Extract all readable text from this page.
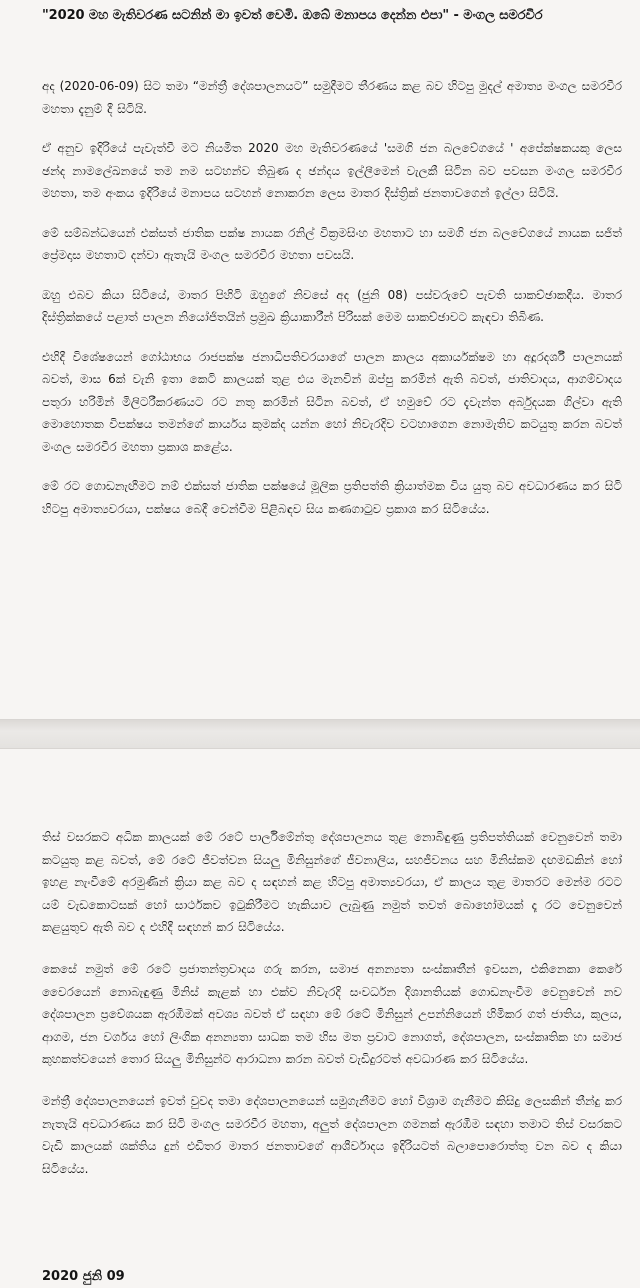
"2020 මහ මැතිවරණ සටනින් මා ඉවත් වෙමි. ඔබේ මනාපය දෙන්න එපා" - මංගල සමරවීර

අද (2020-06-09) සිට තමා “මන්ත්‍රී දේශපාලනයට” සමුදීමට තීරණය කළ බව හිටපු මුදල් අමාත්‍ය මංගල සමරවීර මහතා දැනුම් දී සිටියි.

ඒ අනුව ඉදිරියේ පැවැත්වී මට නියමිත 2020 මහ මැතිවරණයේ 'සමගි ජන බලවේගයේ ' අපේක්ෂකයකු ලෙස ඡන්ද නාමලේඛනයේ තම නම සටහන්ව තිබුණ ද ඡන්දය ඉල්ලීමෙන් වැලකී සිටින බව පවසන මංගල සමරවීර මහතා, තම අංකය ඉදිරියේ මනාපය සටහන් නොකරන ලෙස මාතර දිස්ත්‍රික් ජනතාවගෙන් ඉල්ලා සිටියි.

මේ සම්බන්ධයෙන් එක්සත් ජාතික පක්ෂ නායක රනිල් වික්‍රමසිංහ මහතාට හා සමගි ජන බලවේගයේ නායක සජිත් ප්‍රේමදාස මහතාට දන්වා ඇතැයි මංගල සමරවීර මහතා පවසයි.

ඔහු එබව කියා සිටියේ, මාතර පිහිටි ඔහුගේ නිවසේ අද (ජුනි 08) පස්වරුවේ පැවති සාකච්ඡාකදීය. මාතර දිස්ත්‍රික්කයේ පළාත් පාලන නියෝජිතයින් ප්‍රමුඛ ක්‍රියාකාරීන් පිරිසක් මෙම සාකච්ඡාවට කැඳවා තිබිණ.

එහිදී විශේෂයෙන් ගෝඨාභය රාජපක්ෂ ජනාධිපතිවරයාගේ පාලන කාලය අකාර්යක්ෂම හා අදූරදර්ශී පාලනයක් බවත්, මාස 6ක් වැනි ඉතා කෙටි කාලයක් තුළ එය මැනවින් ඔප්පු කරමින් ඇති බවත්, ජාතිවාදය, ආගම්වාදය පතුරා හරිමින් මිලිටරීකරණයට රට නතු කරමින් සිටින බවත්, ඒ හමුවේ රට දැවැන්ත අර්බුදයක ගිල්වා ඇති මොහොතක විපක්ෂය තමන්ගේ කාර්යය කුමක්ද යන්න හෝ නිවැරදිව වටහාගෙන නොමැතිව කටයුතු කරන බවත් මංගල සමරවීර මහතා ප්‍රකාශ කළේය.

මේ රට ගොඩනැඟීමට නම් එක්සත් ජාතික පක්ෂයේ මූලික ප්‍රතිපත්ති ක්‍රියාත්මක විය යුතු බව අවධාරණය කර සිටි හිටපු අමාත්‍යවරයා, පක්ෂය බෙදී වෙන්වීම පිළිබඳව සිය කණගාටුව ප්‍රකාශ කර සිටියේය.

තිස් වසරකට අධික කාලයක් මේ රටේ පාර්ලිමේන්තු දේශපාලනය තුළ නොබිඳුණු ප්‍රතිපත්තියක් වෙනුවෙන් තමා කටයුතු කළ බවත්, මේ රටේ ජීවත්වන සියලු මිනිසුන්ගේ ජීවනාලිය, සහජීවනය සහ මිනිස්කම දඟමඩකින් හෝ ඉහළ නැංවීමේ අරමුණින් ක්‍රියා කළ බව ද සඳහන් කළ හිටපු අමාත්‍යවරයා, ඒ කාලය තුළ මාතරට මෙන්ම රටට යම් වැඩකොටසක් හෝ සාර්ථකව ඉටුකිරීමට හැකියාව ලැබුණු නමුත් තවත් බොහෝමයක් දෑ රට වෙනුවෙන් කළයුතුව ඇති බව ද එහිදී සඳහන් කර සිටියේය.

කෙසේ නමුත් මේ රටේ ප්‍රජාතන්ත්‍රවාදය ගරු කරන, සමාජ අනන්‍යතා සංස්කෘතීන් ඉවසන, එකිනෙකා කෙරේ වෛරයෙන් නොබැඳුණු මිනිස් කැළක් හා එක්ව නිවැරදි සංවර්ධන දිශානතියක් ගොඩනැංවීම වෙනුවෙන් නව දේශපාලන ප්‍රවේශයක ඇරඹීමක් අවශ්‍ය බවත් ඒ සඳහා මේ රටේ මිනිසුන් උපන්නියෙන් හිමිකර ගත් ජාතිය, කුලය, ආගම, ජන වර්ගය හෝ ලිංගික අනන්‍යතා සාධක තම හිස මත ප්‍රවාට නොගත්, දේශපාලන, සංස්කෘතික හා සමාජ කුහකත්වයෙන් තොර සියලු මිනිසුන්ට ආරාධනා කරන බවත් වැඩිදුරටත් අවධාරණ කර සිටියේය.

මන්ත්‍රී දේශපාලනයෙන් ඉවත් වුවද තමා දේශපාලනයෙන් සමුගැනීමට හෝ විශ්‍රාම ගැනීමට කිසිදු ලෙසකින් තීන්දු කර නැතැයි අවධාරණය කර සිටි මංගල සමරවීර මහතා, අලුත් දේශපාලන ගමනක් ඇරඹීම සඳහා තමාට තිස් වසරකට වැඩි කාලයක් ශක්තිය දුන් එඩිතර මාතර ජනතාවගේ ආශීර්වාදය ඉදිරියටත් බලාපොරොත්තු වන බව ද කියා සිටියේය.

2020 ජුනි 09
